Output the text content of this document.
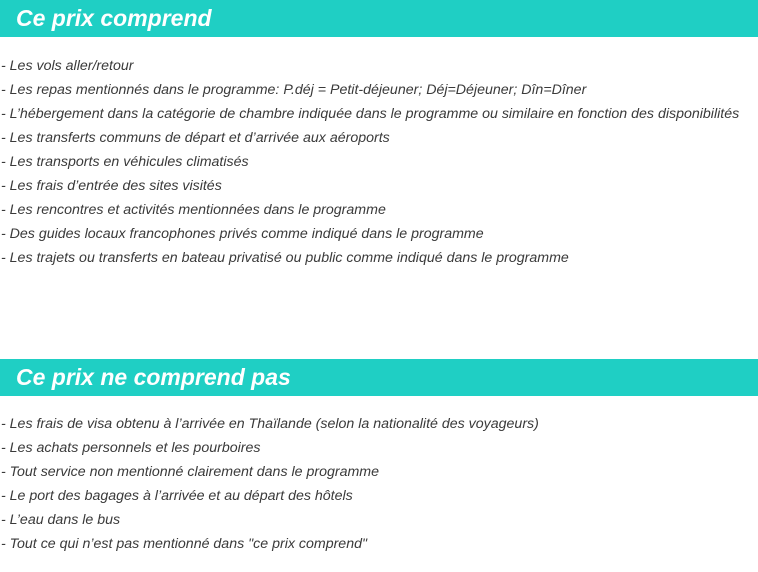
Ce prix comprend
- Les vols aller/retour
- Les repas mentionnés dans le programme: P.déj = Petit-déjeuner; Déj=Déjeuner; Dîn=Dîner
- L’hébergement dans la catégorie de chambre indiquée dans le programme ou similaire en fonction des disponibilités
- Les transferts communs de départ et d’arrivée aux aéroports
- Les transports en véhicules climatisés
- Les frais d’entrée des sites visités
- Les rencontres et activités mentionnées dans le programme
- Des guides locaux francophones privés comme indiqué dans le programme
- Les trajets ou transferts en bateau privatisé ou public comme indiqué dans le programme
Ce prix ne comprend pas
- Les frais de visa obtenu à l’arrivée en Thaïlande (selon la nationalité des voyageurs)
- Les achats personnels et les pourboires
- Tout service non mentionné clairement dans le programme
- Le port des bagages à l’arrivée et au départ des hôtels
- L’eau dans le bus
- Tout ce qui n’est pas mentionné dans "ce prix comprend"
